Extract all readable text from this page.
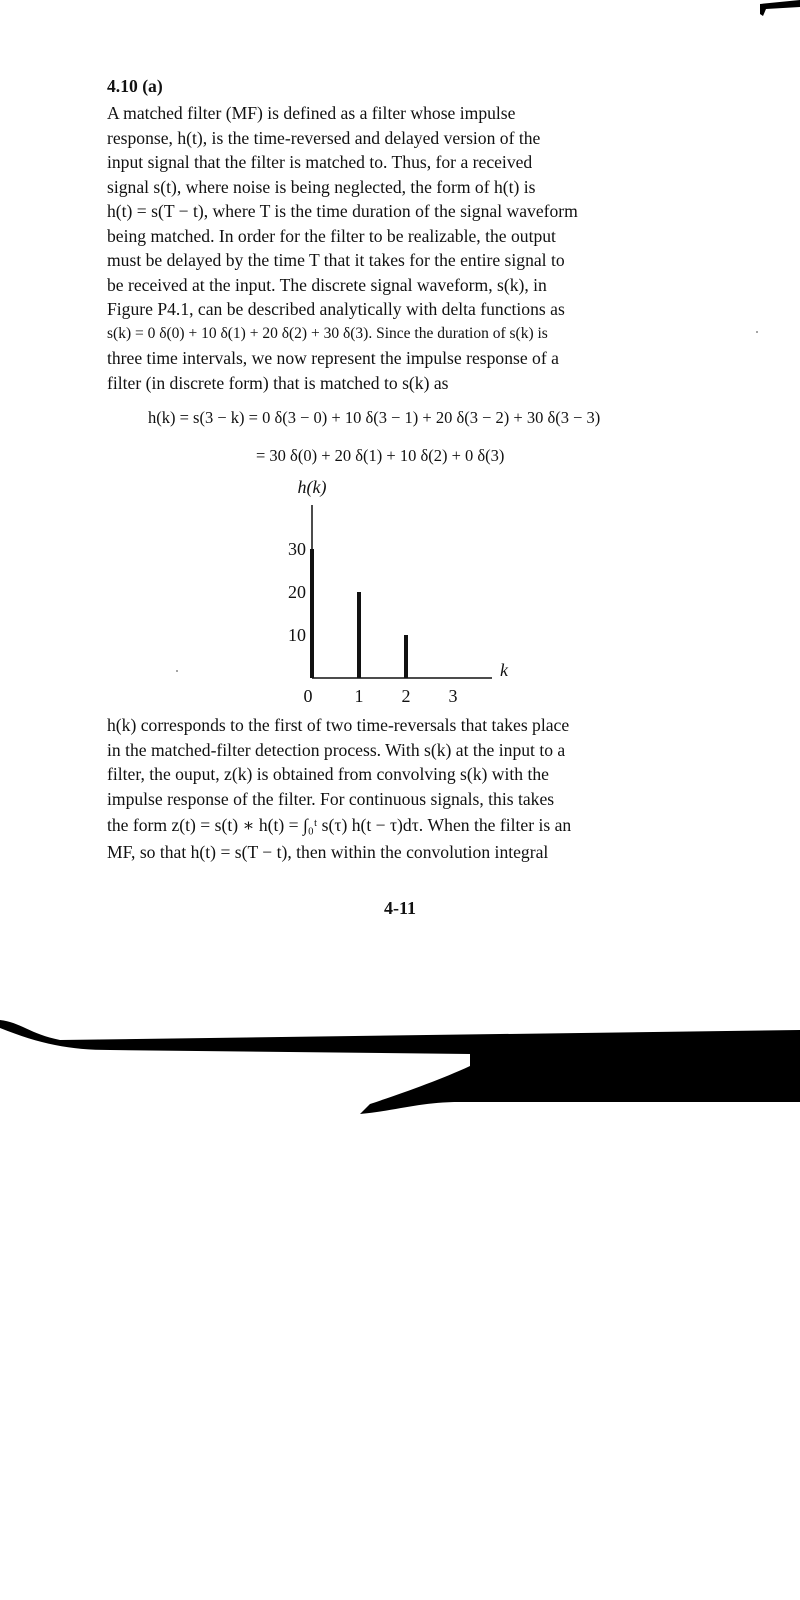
4.10 (a)

A matched filter (MF) is defined as a filter whose impulse

response, h(t), is the time-reversed and delayed version of the

input signal that the filter is matched to. Thus, for a received

signal s(t), where noise is being neglected, the form of h(t) is

h(t) = s(T − t), where T is the time duration of the signal waveform

being matched. In order for the filter to be realizable, the output

must be delayed by the time T that it takes for the entire signal to

be received at the input. The discrete signal waveform, s(k), in

Figure P4.1, can be described analytically with delta functions as

s(k) = 0 δ(0) + 10 δ(1) + 20 δ(2) + 30 δ(3). Since the duration of s(k) is

three time intervals, we now represent the impulse response of a

filter (in discrete form) that is matched to s(k) as

h(k) = s(3 − k) = 0 δ(3 − 0) + 10 δ(3 − 1) + 20 δ(3 − 2) + 30 δ(3 − 3)
= 30 δ(0) + 20 δ(1) + 10 δ(2) + 0 δ(3)
h(k)
k
10
20
30
0 1 2 3

h(k) corresponds to the first of two time-reversals that takes place

in the matched-filter detection process. With s(k) at the input to a

filter, the ouput, z(k) is obtained from convolving s(k) with the

impulse response of the filter. For continuous signals, this takes

the form z(t) = s(t) ∗ h(t) = ∫₀ᵗ s(τ) h(t − τ)dτ. When the filter is an

MF, so that h(t) = s(T − t), then within the convolution integral

4-11
